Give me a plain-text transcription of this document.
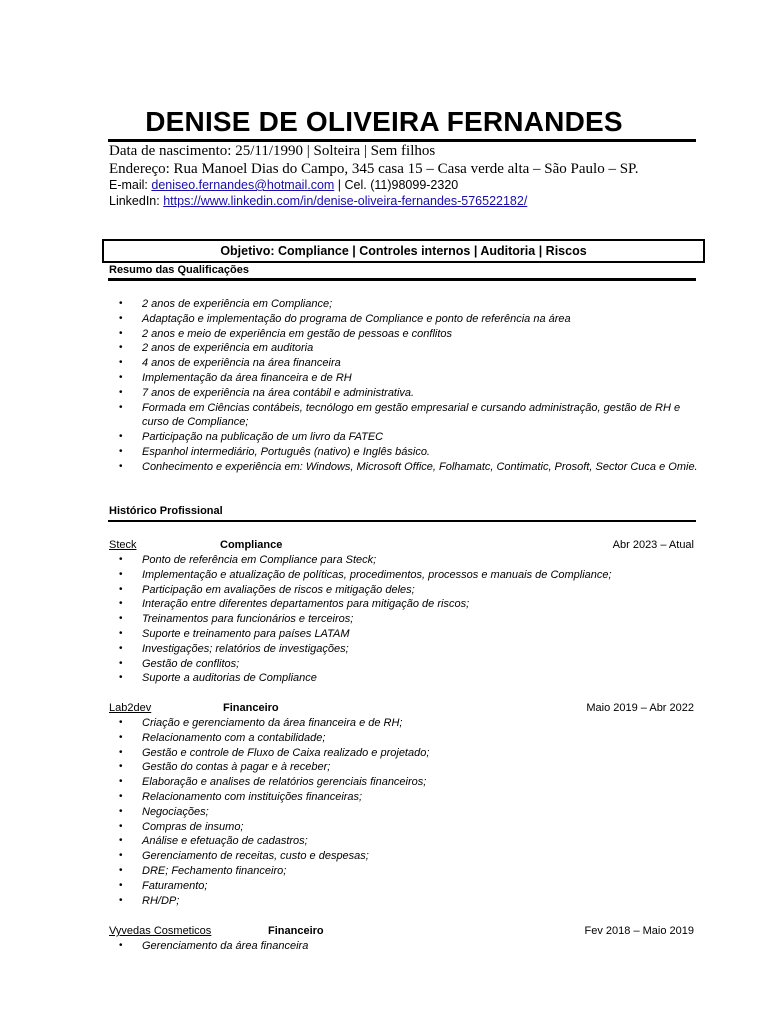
DENISE DE OLIVEIRA FERNANDES
Data de nascimento: 25/11/1990 | Solteira | Sem filhos
Endereço: Rua Manoel Dias do Campo, 345 casa 15 – Casa verde alta – São Paulo – SP.
E-mail: deniseo.fernandes@hotmail.com | Cel. (11)98099-2320
LinkedIn: https://www.linkedin.com/in/denise-oliveira-fernandes-576522182/
Objetivo: Compliance | Controles internos | Auditoria | Riscos
Resumo das Qualificações
• 2 anos de experiência em Compliance;
• Adaptação e implementação do programa de Compliance e ponto de referência na área
• 2 anos e meio de experiência em gestão de pessoas e conflitos
• 2 anos de experiência em auditoria
• 4 anos de experiência na área financeira
• Implementação da área financeira e de RH
• 7 anos de experiência na área contábil e administrativa.
• Formada em Ciências contábeis, tecnólogo em gestão empresarial e cursando administração, gestão de RH e curso de Compliance;
• Participação na publicação de um livro da FATEC
• Espanhol intermediário, Português (nativo) e Inglês básico.
• Conhecimento e experiência em: Windows, Microsoft Office, Folhamatc, Contimatic, Prosoft, Sector Cuca e Omie.
Histórico Profissional
Steck	Compliance	Abr 2023 – Atual
• Ponto de referência em Compliance para Steck;
• Implementação e atualização de políticas, procedimentos, processos e manuais de Compliance;
• Participação em avaliações de riscos e mitigação deles;
• Interação entre diferentes departamentos para mitigação de riscos;
• Treinamentos para funcionários e terceiros;
• Suporte e treinamento para países LATAM
• Investigações; relatórios de investigações;
• Gestão de conflitos;
• Suporte a auditorias de Compliance
Lab2dev	Financeiro	Maio 2019 – Abr 2022
• Criação e gerenciamento da área financeira e de RH;
• Relacionamento com a contabilidade;
• Gestão e controle de Fluxo de Caixa realizado e projetado;
• Gestão do contas à pagar e à receber;
• Elaboração e analises de relatórios gerenciais financeiros;
• Relacionamento com instituições financeiras;
• Negociações;
• Compras de insumo;
• Análise e efetuação de cadastros;
• Gerenciamento de receitas, custo e despesas;
• DRE; Fechamento financeiro;
• Faturamento;
• RH/DP;
Vyvedas Cosmeticos	Financeiro	Fev 2018 – Maio 2019
• Gerenciamento da área financeira
